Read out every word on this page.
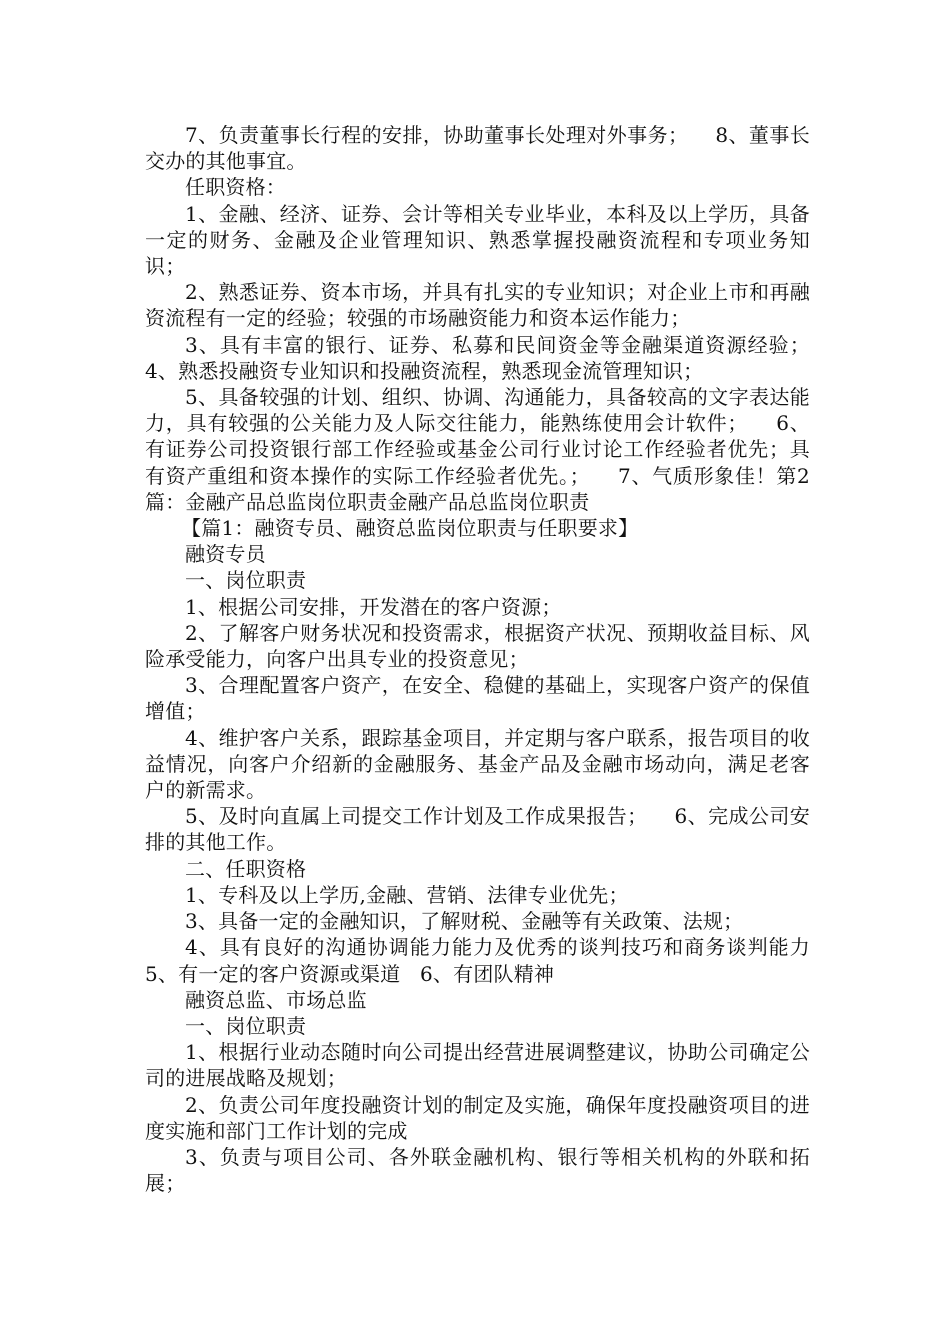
7、负责董事长行程的安排，协助董事长处理对外事务；    8、董事长交办的其他事宜。

任职资格：

1、金融、经济、证券、会计等相关专业毕业，本科及以上学历，具备一定的财务、金融及企业管理知识、熟悉掌握投融资流程和专项业务知识；

2、熟悉证券、资本市场，并具有扎实的专业知识；对企业上市和再融资流程有一定的经验；较强的市场融资能力和资本运作能力；

3、具有丰富的银行、证券、私募和民间资金等金融渠道资源经验；  4、熟悉投融资专业知识和投融资流程，熟悉现金流管理知识；

5、具备较强的计划、组织、协调、沟通能力，具备较高的文字表达能力，具有较强的公关能力及人际交往能力，能熟练使用会计软件；    6、有证券公司投资银行部工作经验或基金公司行业讨论工作经验者优先；具有资产重组和资本操作的实际工作经验者优先。；    7、气质形象佳！第2篇：金融产品总监岗位职责金融产品总监岗位职责

【篇1：融资专员、融资总监岗位职责与任职要求】

融资专员

一、岗位职责

1、根据公司安排，开发潜在的客户资源；

2、了解客户财务状况和投资需求，根据资产状况、预期收益目标、风险承受能力，向客户出具专业的投资意见；

3、合理配置客户资产，在安全、稳健的基础上，实现客户资产的保值增值；

4、维护客户关系，跟踪基金项目，并定期与客户联系，报告项目的收益情况，向客户介绍新的金融服务、基金产品及金融市场动向，满足老客户的新需求。

5、及时向直属上司提交工作计划及工作成果报告；    6、完成公司安排的其他工作。

二、任职资格

1、专科及以上学历,金融、营销、法律专业优先；

3、具备一定的金融知识，了解财税、金融等有关政策、法规；

4、具有良好的沟通协调能力能力及优秀的谈判技巧和商务谈判能力  5、有一定的客户资源或渠道   6、有团队精神

融资总监、市场总监

一、岗位职责

1、根据行业动态随时向公司提出经营进展调整建议，协助公司确定公司的进展战略及规划；

2、负责公司年度投融资计划的制定及实施，确保年度投融资项目的进度实施和部门工作计划的完成

3、负责与项目公司、各外联金融机构、银行等相关机构的外联和拓展；
